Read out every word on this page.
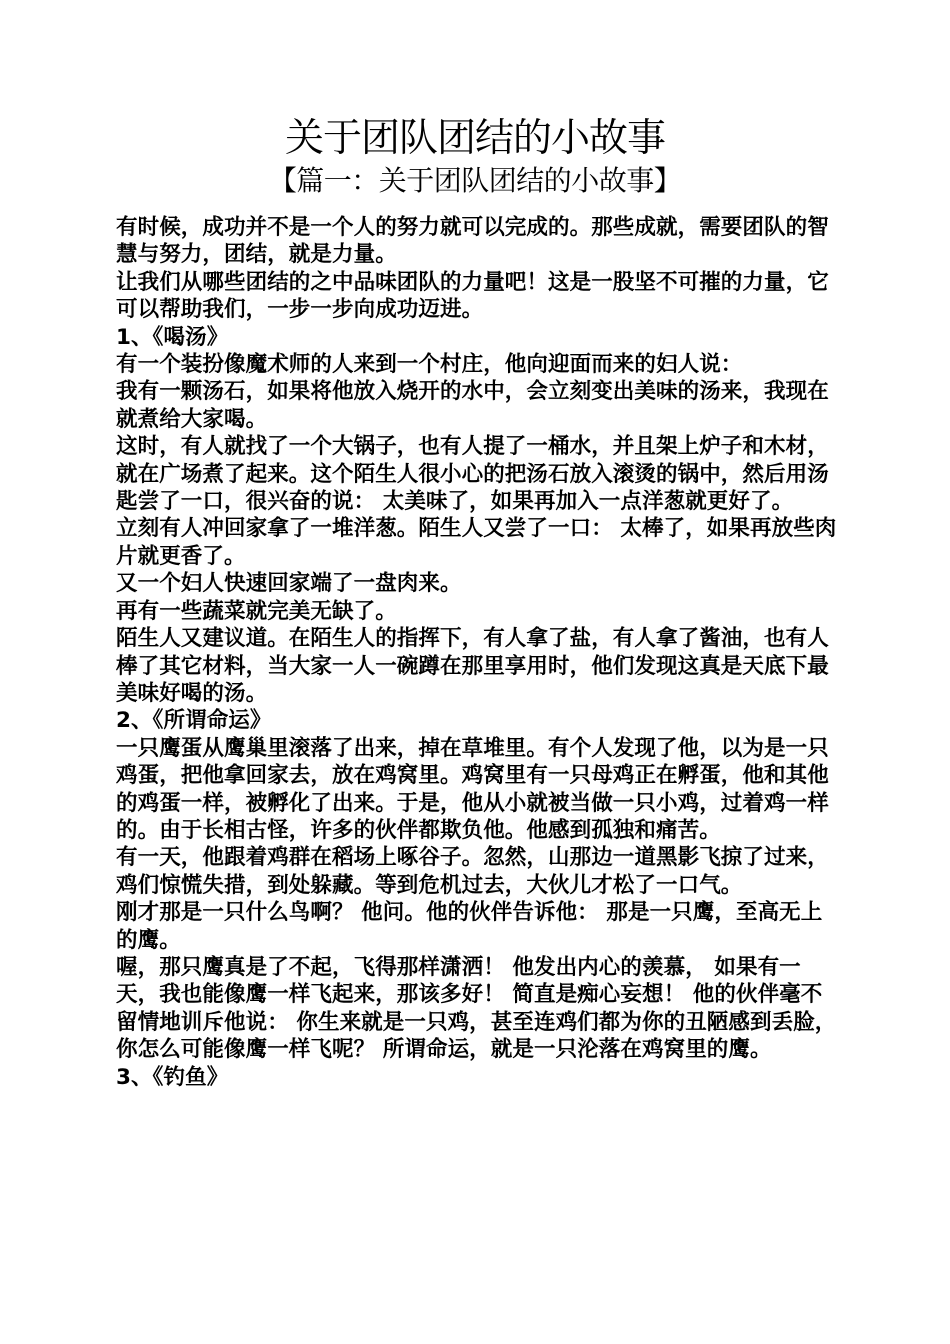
关于团队团结的小故事
【篇一：关于团队团结的小故事】

有时候，成功并不是一个人的努力就可以完成的。那些成就，需要团队的智慧与努力，团结，就是力量。

让我们从哪些团结的之中品味团队的力量吧！这是一股坚不可摧的力量，它可以帮助我们，一步一步向成功迈进。

1、《喝汤》

有一个装扮像魔术师的人来到一个村庄，他向迎面而来的妇人说：

我有一颗汤石，如果将他放入烧开的水中，会立刻变出美味的汤来，我现在就煮给大家喝。

这时，有人就找了一个大锅子，也有人提了一桶水，并且架上炉子和木材，就在广场煮了起来。这个陌生人很小心的把汤石放入滚烫的锅中，然后用汤匙尝了一口，很兴奋的说： 太美味了，如果再加入一点洋葱就更好了。

立刻有人冲回家拿了一堆洋葱。陌生人又尝了一口： 太棒了，如果再放些肉片就更香了。

又一个妇人快速回家端了一盘肉来。

再有一些蔬菜就完美无缺了。

陌生人又建议道。在陌生人的指挥下，有人拿了盐，有人拿了酱油，也有人棒了其它材料，当大家一人一碗蹲在那里享用时，他们发现这真是天底下最美味好喝的汤。

2、《所谓命运》

一只鹰蛋从鹰巢里滚落了出来，掉在草堆里。有个人发现了他，以为是一只鸡蛋，把他拿回家去，放在鸡窝里。鸡窝里有一只母鸡正在孵蛋，他和其他的鸡蛋一样，被孵化了出来。于是，他从小就被当做一只小鸡，过着鸡一样的。由于长相古怪，许多的伙伴都欺负他。他感到孤独和痛苦。

有一天，他跟着鸡群在稻场上啄谷子。忽然，山那边一道黑影飞掠了过来，鸡们惊慌失措，到处躲藏。等到危机过去，大伙儿才松了一口气。

刚才那是一只什么鸟啊？ 他问。他的伙伴告诉他： 那是一只鹰，至高无上的鹰。

喔，那只鹰真是了不起，飞得那样潇洒！ 他发出内心的羡慕， 如果有一天，我也能像鹰一样飞起来，那该多好！ 简直是痴心妄想！ 他的伙伴毫不留情地训斥他说： 你生来就是一只鸡，甚至连鸡们都为你的丑陋感到丢脸，你怎么可能像鹰一样飞呢？ 所谓命运，就是一只沦落在鸡窝里的鹰。

3、《钓鱼》
